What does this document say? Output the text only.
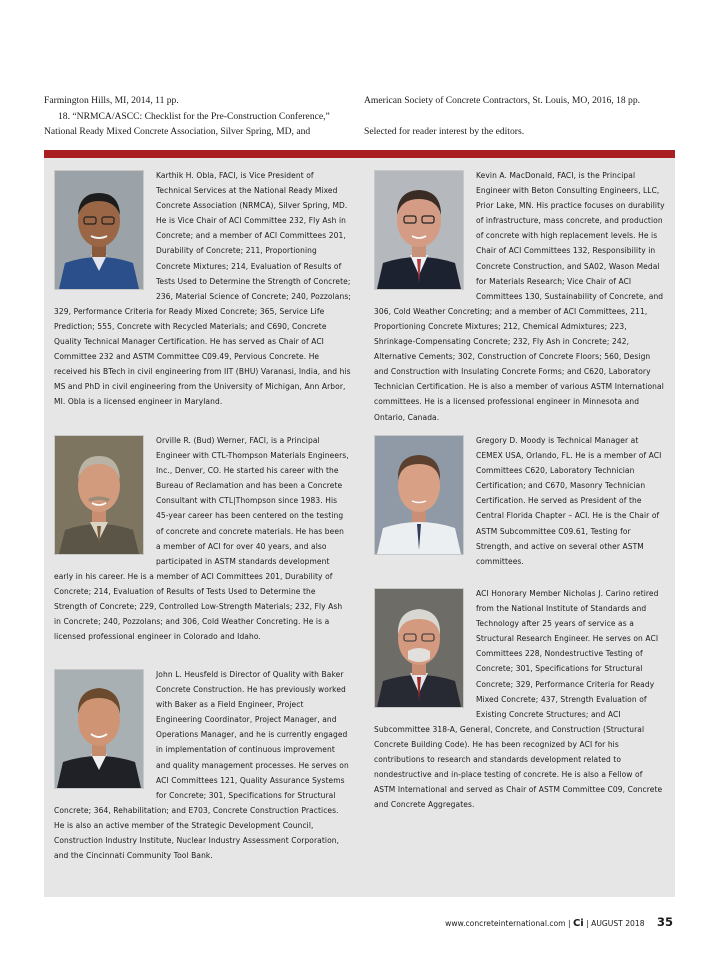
Farmington Hills, MI, 2014, 11 pp.

18. “NRMCA/ASCC: Checklist for the Pre-Construction Conference,”

National Ready Mixed Concrete Association, Silver Spring, MD, and

American Society of Concrete Contractors, St. Louis, MO, 2016, 18 pp.

Selected for reader interest by the editors.

Karthik H. Obla, FACI, is Vice President of Technical Services at the National Ready Mixed Concrete Association (NRMCA), Silver Spring, MD. He is Vice Chair of ACI Committee 232, Fly Ash in Concrete; and a member of ACI Committees 201, Durability of Concrete; 211, Proportioning Concrete Mixtures; 214, Evaluation of Results of Tests Used to Determine the Strength of Concrete; 236, Material Science of Concrete; 240, Pozzolans; 329, Performance Criteria for Ready Mixed Concrete; 365, Service Life Prediction; 555, Concrete with Recycled Materials; and C690, Concrete Quality Technical Manager Certification. He has served as Chair of ACI Committee 232 and ASTM Committee C09.49, Pervious Concrete. He received his BTech in civil engineering from IIT (BHU) Varanasi, India, and his MS and PhD in civil engineering from the University of Michigan, Ann Arbor, MI. Obla is a licensed engineer in Maryland.

Orville R. (Bud) Werner, FACI, is a Principal Engineer with CTL-Thompson Materials Engineers, Inc., Denver, CO. He started his career with the Bureau of Reclamation and has been a Concrete Consultant with CTL|Thompson since 1983. His 45-year career has been centered on the testing of concrete and concrete materials. He has been a member of ACI for over 40 years, and also participated in ASTM standards development early in his career. He is a member of ACI Committees 201, Durability of Concrete; 214, Evaluation of Results of Tests Used to Determine the Strength of Concrete; 229, Controlled Low-Strength Materials; 232, Fly Ash in Concrete; 240, Pozzolans; and 306, Cold Weather Concreting. He is a licensed professional engineer in Colorado and Idaho.

John L. Heusfeld is Director of Quality with Baker Concrete Construction. He has previously worked with Baker as a Field Engineer, Project Engineering Coordinator, Project Manager, and Operations Manager, and he is currently engaged in implementation of continuous improvement and quality management processes. He serves on ACI Committees 121, Quality Assurance Systems for Concrete; 301, Specifications for Structural Concrete; 364, Rehabilitation; and E703, Concrete Construction Practices. He is also an active member of the Strategic Development Council, Construction Industry Institute, Nuclear Industry Assessment Corporation, and the Cincinnati Community Tool Bank.

Kevin A. MacDonald, FACI, is the Principal Engineer with Beton Consulting Engineers, LLC, Prior Lake, MN. His practice focuses on durability of infrastructure, mass concrete, and production of concrete with high replacement levels. He is Chair of ACI Committees 132, Responsibility in Concrete Construction, and SA02, Wason Medal for Materials Research; Vice Chair of ACI Committees 130, Sustainability of Concrete, and 306, Cold Weather Concreting; and a member of ACI Committees, 211, Proportioning Concrete Mixtures; 212, Chemical Admixtures; 223, Shrinkage-Compensating Concrete; 232, Fly Ash in Concrete; 242, Alternative Cements; 302, Construction of Concrete Floors; 560, Design and Construction with Insulating Concrete Forms; and C620, Laboratory Technician Certification. He is also a member of various ASTM International committees. He is a licensed professional engineer in Minnesota and Ontario, Canada.

Gregory D. Moody is Technical Manager at CEMEX USA, Orlando, FL. He is a member of ACI Committees C620, Laboratory Technician Certification; and C670, Masonry Technician Certification. He served as President of the Central Florida Chapter – ACI. He is the Chair of ASTM Subcommittee C09.61, Testing for Strength, and active on several other ASTM committees.

ACI Honorary Member Nicholas J. Carino retired from the National Institute of Standards and Technology after 25 years of service as a Structural Research Engineer. He serves on ACI Committees 228, Nondestructive Testing of Concrete; 301, Specifications for Structural Concrete; 329, Performance Criteria for Ready Mixed Concrete; 437, Strength Evaluation of Existing Concrete Structures; and ACI Subcommittee 318-A, General, Concrete, and Construction (Structural Concrete Building Code). He has been recognized by ACI for his contributions to research and standards development related to nondestructive and in-place testing of concrete. He is also a Fellow of ASTM International and served as Chair of ASTM Committee C09, Concrete and Concrete Aggregates.

www.concreteinternational.com | Ci | AUGUST 2018 35
